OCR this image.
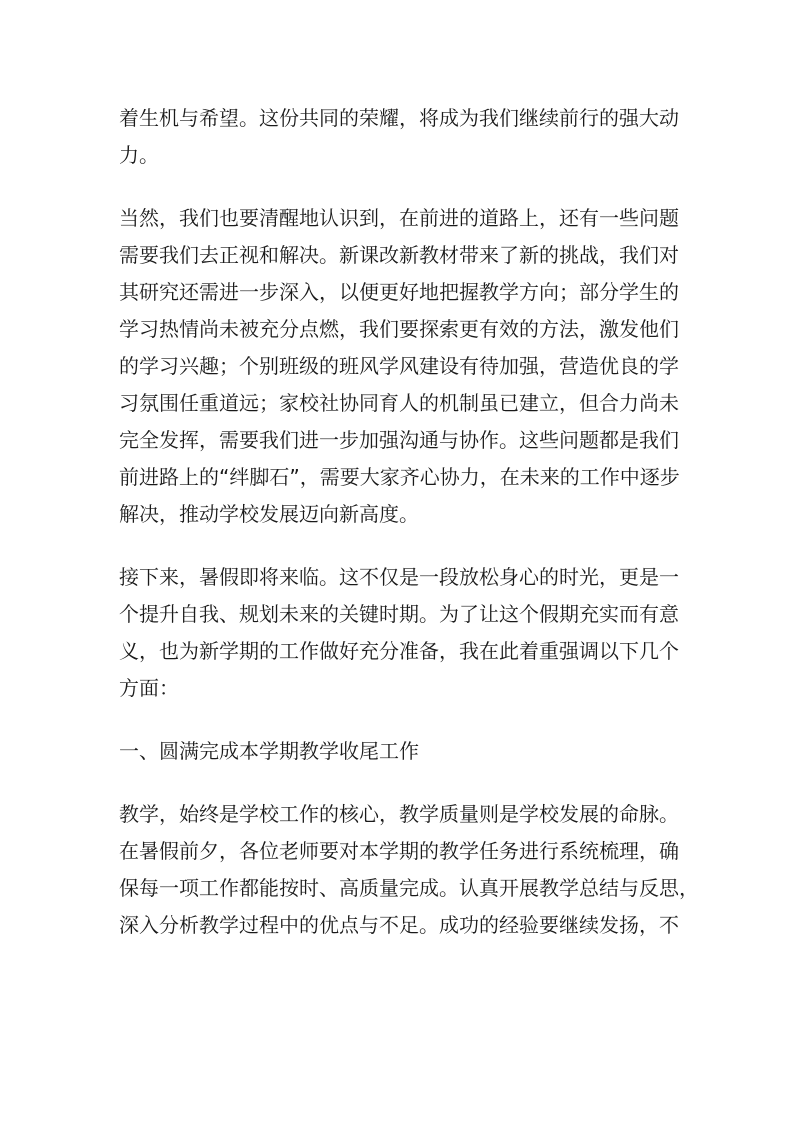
着生机与希望。这份共同的荣耀，将成为我们继续前行的强大动
力。
当然，我们也要清醒地认识到，在前进的道路上，还有一些问题
需要我们去正视和解决。新课改新教材带来了新的挑战，我们对
其研究还需进一步深入，以便更好地把握教学方向；部分学生的
学习热情尚未被充分点燃，我们要探索更有效的方法，激发他们
的学习兴趣；个别班级的班风学风建设有待加强，营造优良的学
习氛围任重道远；家校社协同育人的机制虽已建立，但合力尚未
完全发挥，需要我们进一步加强沟通与协作。这些问题都是我们
前进路上的“绊脚石”，需要大家齐心协力，在未来的工作中逐步
解决，推动学校发展迈向新高度。
接下来，暑假即将来临。这不仅是一段放松身心的时光，更是一
个提升自我、规划未来的关键时期。为了让这个假期充实而有意
义，也为新学期的工作做好充分准备，我在此着重强调以下几个
方面：
一、圆满完成本学期教学收尾工作
教学，始终是学校工作的核心，教学质量则是学校发展的命脉。
在暑假前夕，各位老师要对本学期的教学任务进行系统梳理，确
保每一项工作都能按时、高质量完成。认真开展教学总结与反思，
深入分析教学过程中的优点与不足。成功的经验要继续发扬，不
